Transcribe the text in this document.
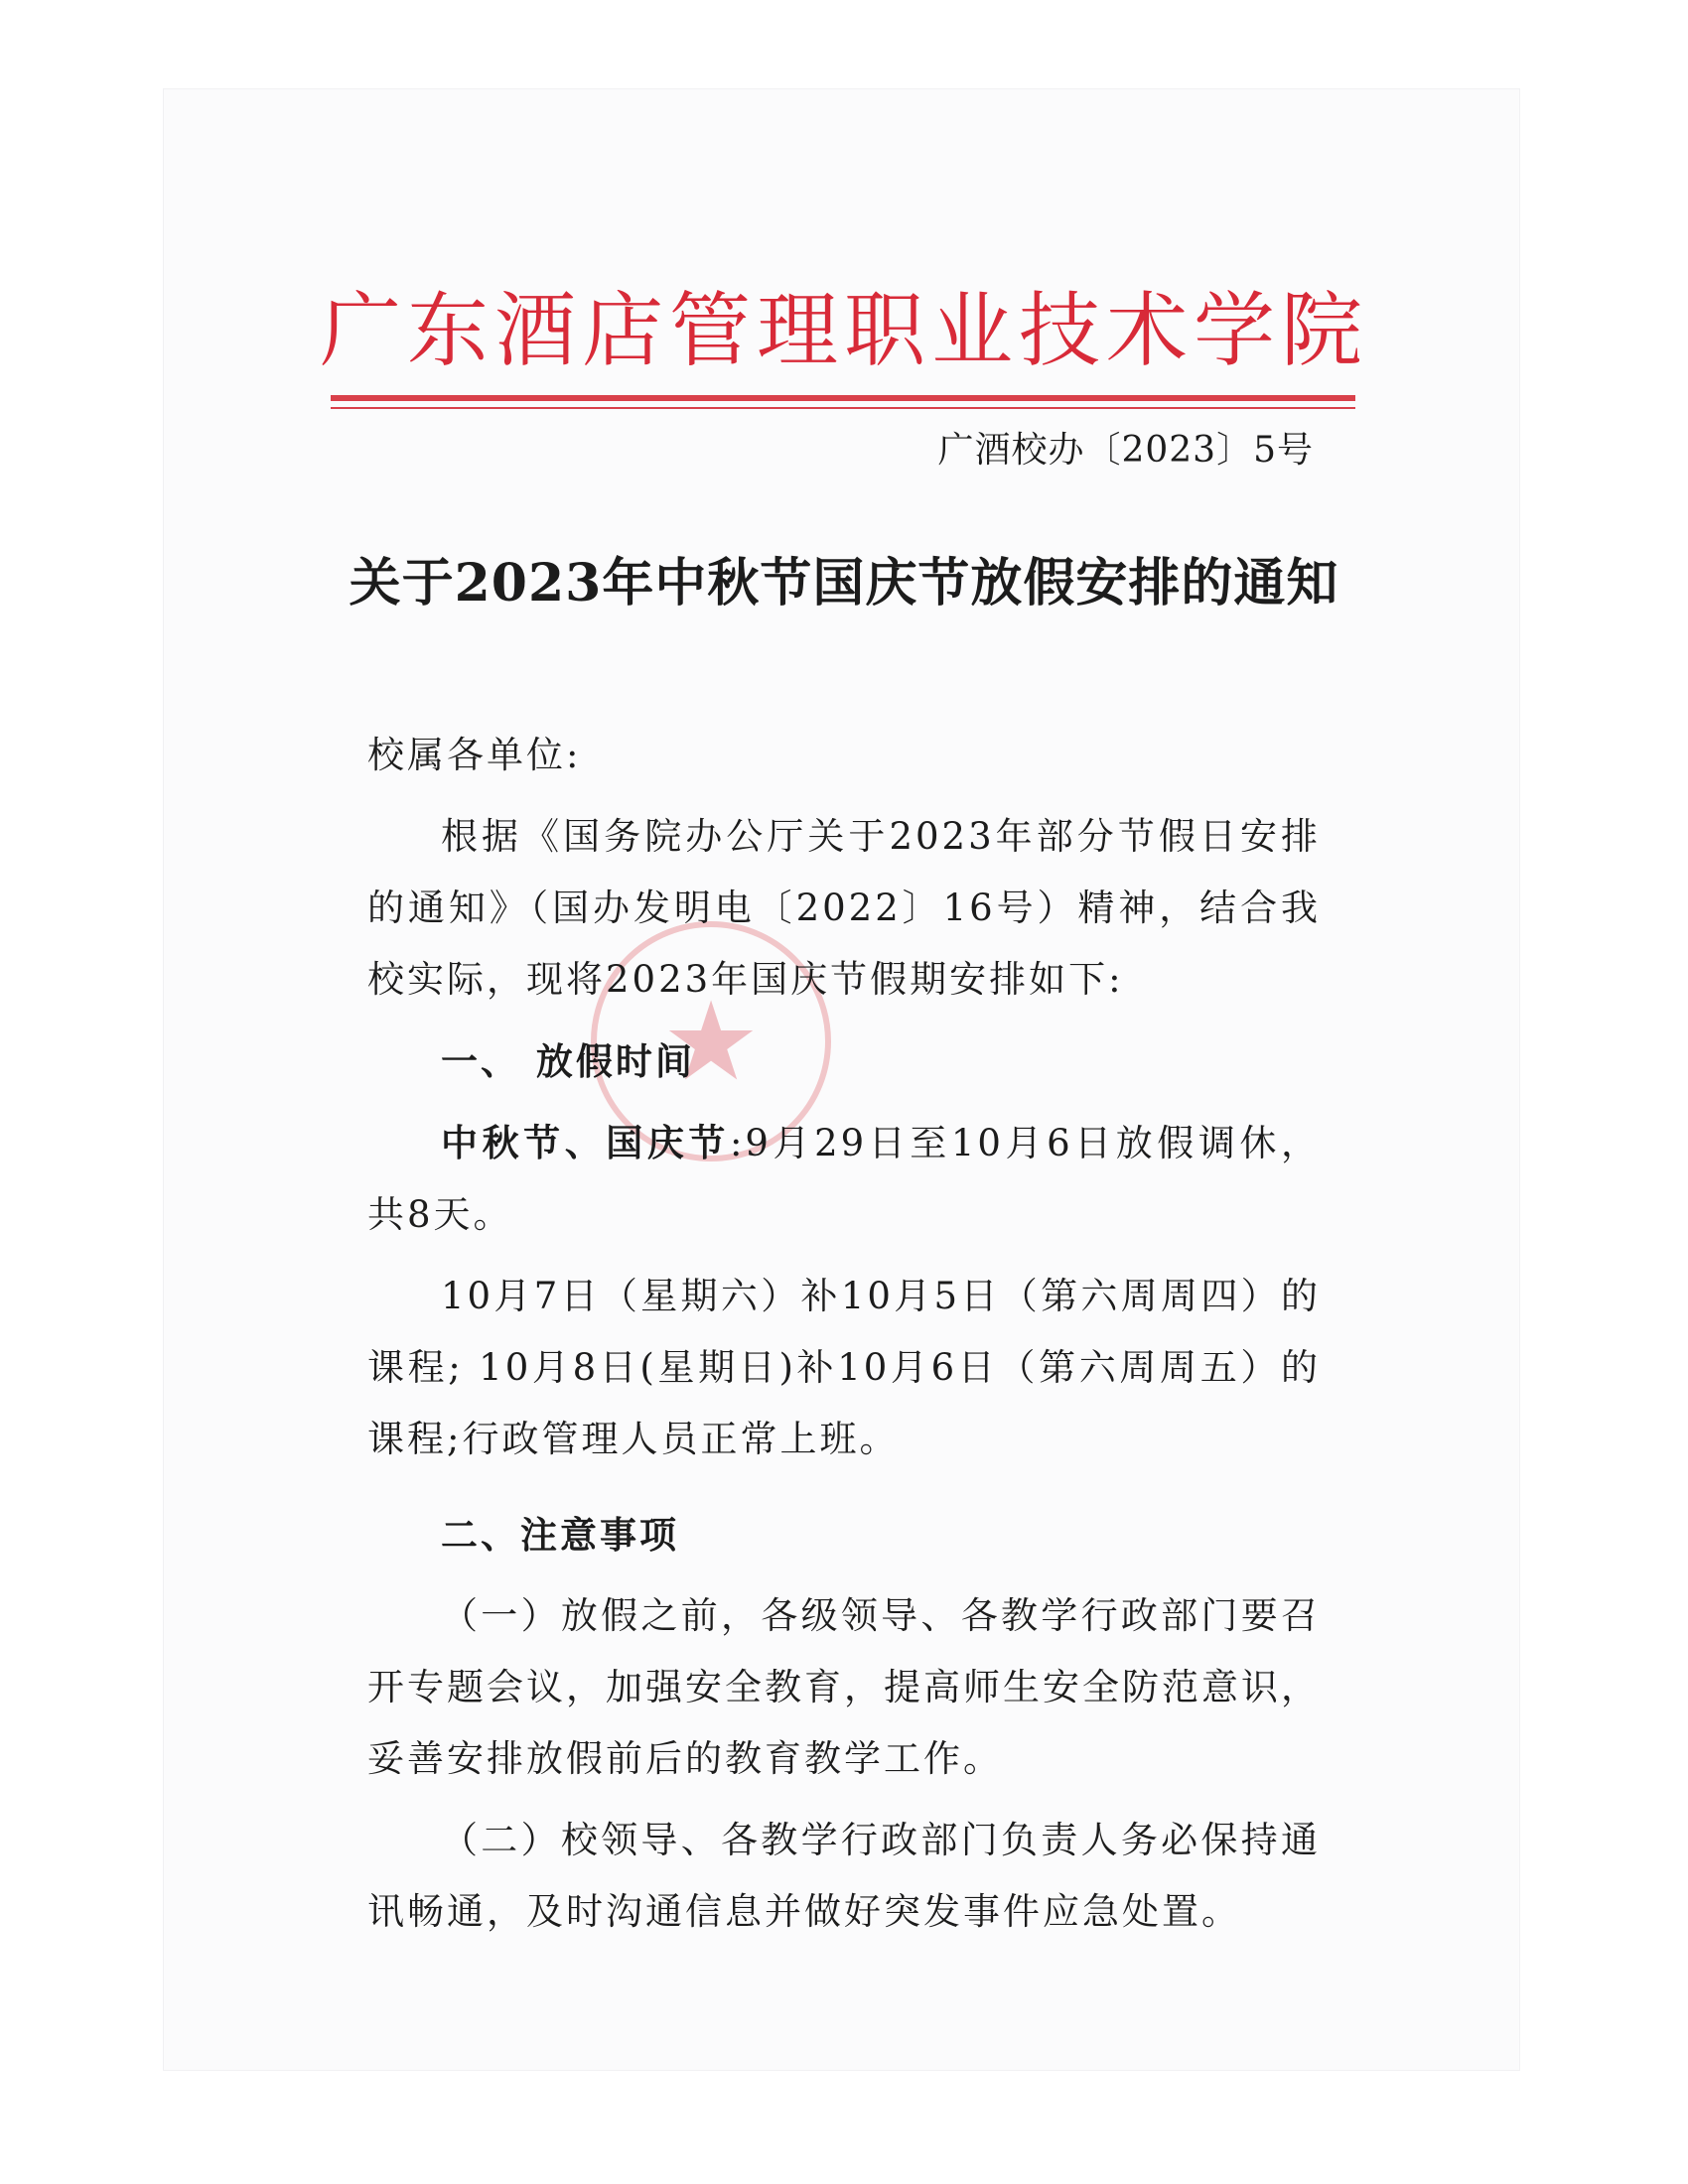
广东酒店管理职业技术学院
广酒校办〔2023〕5号
关于2023年中秋节国庆节放假安排的通知
★

校属各单位:

根据《国务院办公厅关于2023年部分节假日安排的通知》（国办发明电〔2022〕16号）精神，结合我校实际，现将2023年国庆节假期安排如下:

一、 放假时间

中秋节、国庆节:9月29日至10月6日放假调休，共8天。

10月7日（星期六）补10月5日（第六周周四）的课程; 10月8日(星期日)补10月6日（第六周周五）的课程;行政管理人员正常上班。

二、注意事项

（一）放假之前，各级领导、各教学行政部门要召开专题会议，加强安全教育，提高师生安全防范意识，妥善安排放假前后的教育教学工作。

（二）校领导、各教学行政部门负责人务必保持通讯畅通，及时沟通信息并做好突发事件应急处置。
